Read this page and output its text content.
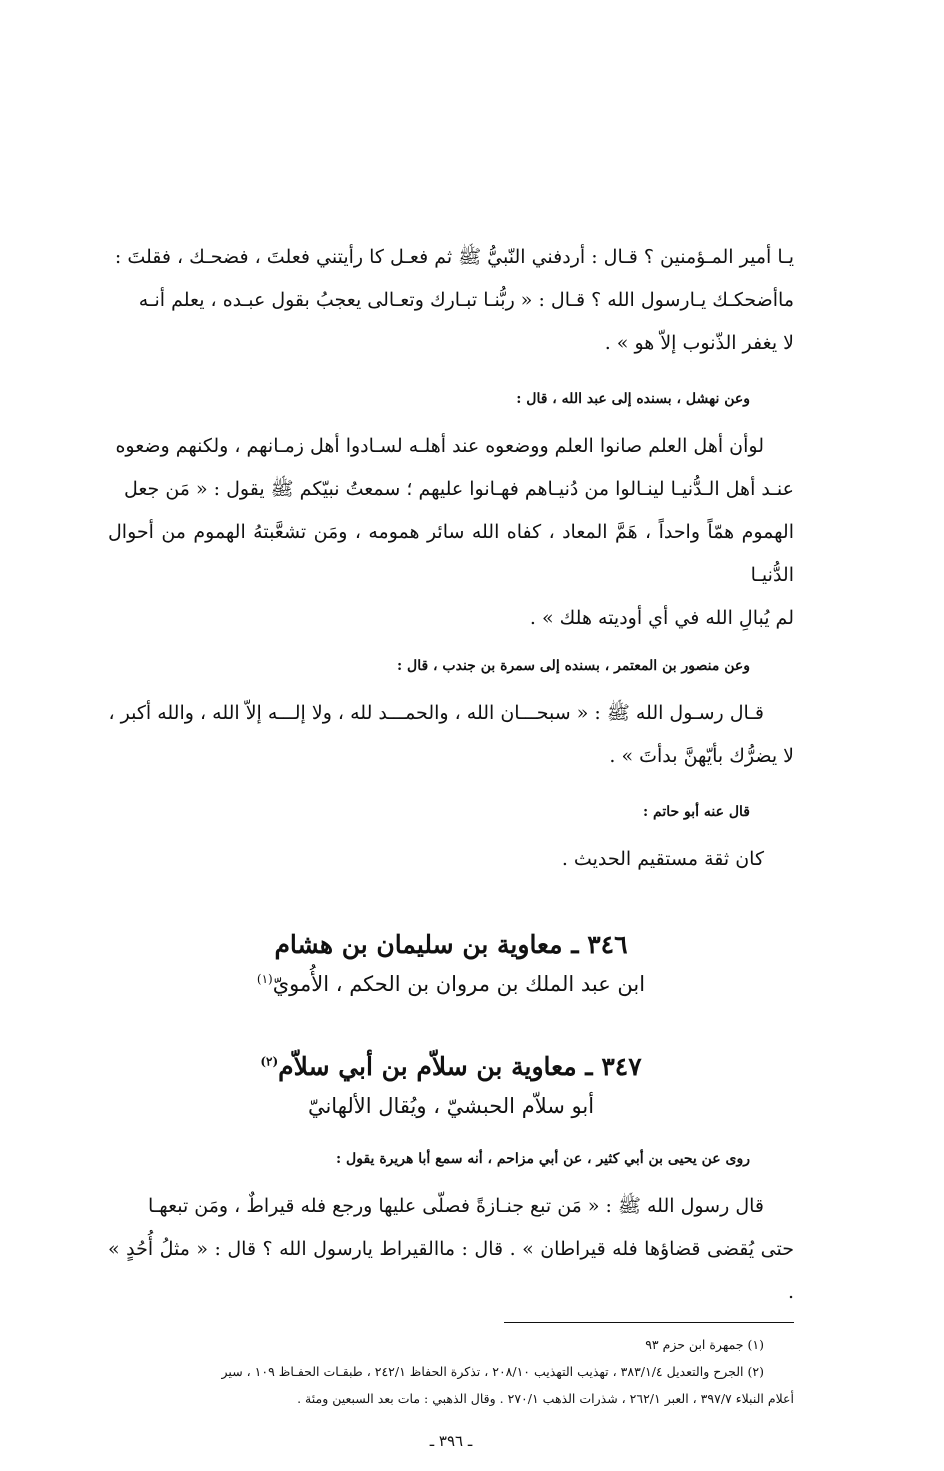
يـا أمير المـؤمنين ؟ قـال : أردفني النّبيُّ ﷺ ثم فعـل كا رأيتني فعلتَ ، فضحـك ، فقلتَ :

ماأضحكـك يـارسول الله ؟ قـال : « ربُّنـا تبـارك وتعـالى يعجبُ بقول عبـده ، يعلم أنـه

لا يغفر الذّنوب إلاّ هو » .

وعن نهشل ، بسنده إلى عبد الله ، قال :

لوأن أهل العلم صانوا العلم ووضعوه عند أهلـه لسـادوا أهل زمـانهم ، ولكنهم وضعوه

عنـد أهل الـدُّنيـا لينـالوا من دُنيـاهم فهـانوا عليهم ؛ سمعتُ نبيّكم ﷺ يقول : « مَن جعل

الهموم همّاً واحداً ، هَمَّ المعاد ، كفاه الله سائر همومه ، ومَن تشعَّبتهُ الهموم من أحوال الدُّنيـا

لم يُبالِ الله في أي أوديته هلك » .

وعن منصور بن المعتمر ، بسنده إلى سمرة بن جندب ، قال :

قـال رسـول الله ﷺ : « سبحـــان الله ، والحمـــد لله ، ولا إلـــه إلاّ الله ، والله أكبر ،

لا يضرُّك بأيّهنَّ بدأتَ » .

قال عنه أبو حاتم :

كان ثقة مستقيم الحديث .

٣٤٦ ـ معاوية بن سليمان بن هشام

ابن عبد الملك بن مروان بن الحكم ، الأُمويّ$^{(١)}$

٣٤٧ ـ معاوية بن سلاّم بن أبي سلاّم$^{(٢)}$

أبو سلاّم الحبشيّ ، ويُقال الألهانيّ

روى عن يحيى بن أبي كثير ، عن أبي مزاحم ، أنه سمع أبا هريرة يقول :

قال رسول الله ﷺ : « مَن تبع جنـازةً فصلّى عليها ورجع فله قيراطٌ ، ومَن تبعهـا

حتى يُقضى قضاؤها فله قيراطان » . قال : ماالقيراط يارسول الله ؟ قال : « مثلُ أُحُدٍ » .

(١) جمهرة ابن حزم ٩٣

(٢) الجرح والتعديل ٣٨٣/١/٤ ، تهذيب التهذيب ٢٠٨/١٠ ، تذكرة الحفاظ ٢٤٢/١ ، طبقـات الحفـاظ ١٠٩ ، سير

أعلام النبلاء ٣٩٧/٧ ، العبر ٢٦٢/١ ، شذرات الذهب ٢٧٠/١ . وقال الذهبي : مات بعد السبعين ومئة .

ـ ٣٩٦ ـ
